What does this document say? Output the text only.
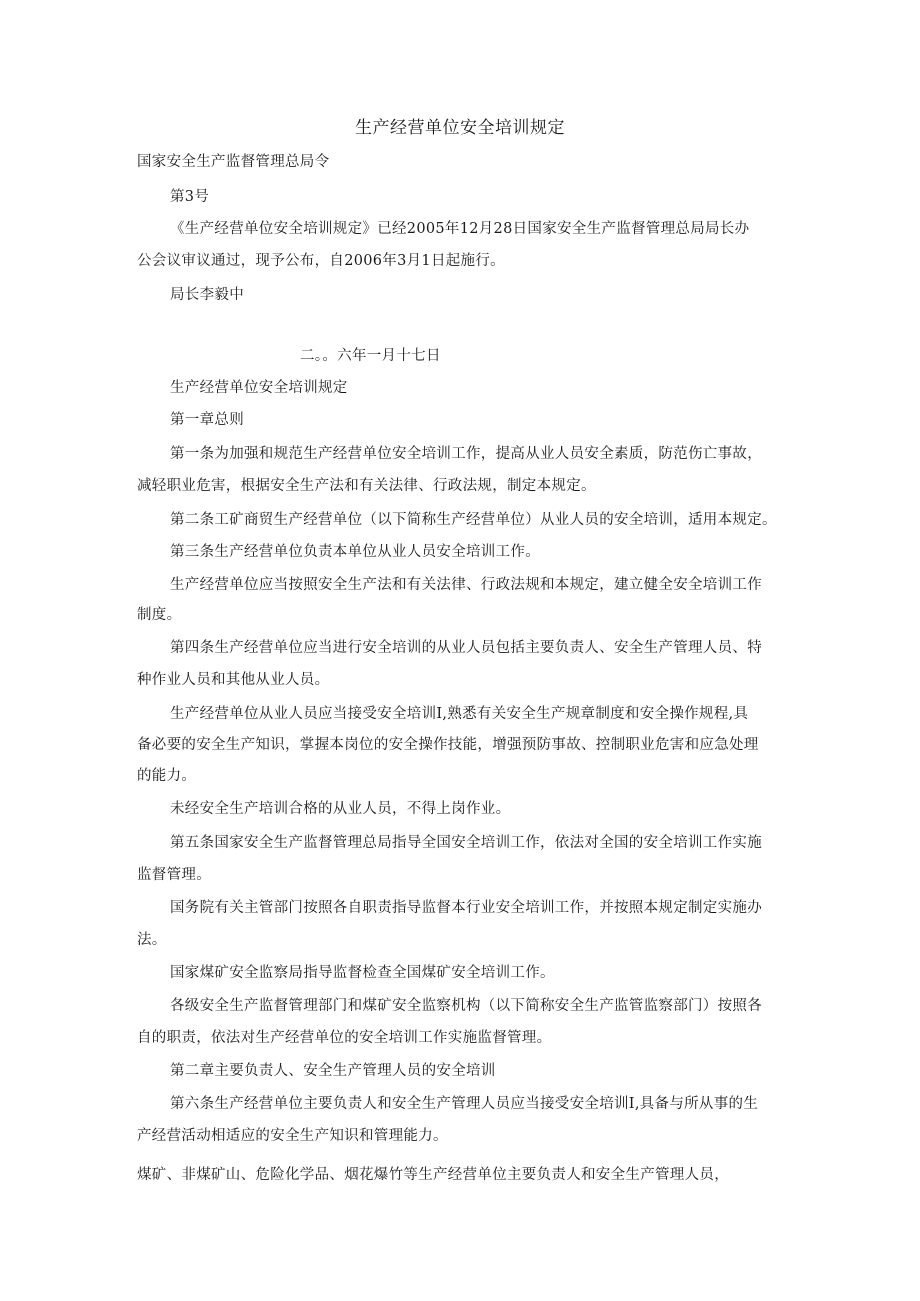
生产经营单位安全培训规定
国家安全生产监督管理总局令
第3号
《生产经营单位安全培训规定》已经2005年12月28日国家安全生产监督管理总局局长办
公会议审议通过，现予公布，自2006年3月1日起施行。
局长李毅中
二。。六年一月十七日
生产经营单位安全培训规定
第一章总则
第一条为加强和规范生产经营单位安全培训工作，提高从业人员安全素质，防范伤亡事故，
减轻职业危害，根据安全生产法和有关法律、行政法规，制定本规定。
第二条工矿商贸生产经营单位（以下简称生产经营单位）从业人员的安全培训，适用本规定。
第三条生产经营单位负责本单位从业人员安全培训工作。
生产经营单位应当按照安全生产法和有关法律、行政法规和本规定，建立健全安全培训工作
制度。
第四条生产经营单位应当进行安全培训的从业人员包括主要负责人、安全生产管理人员、特
种作业人员和其他从业人员。
生产经营单位从业人员应当接受安全培训I,熟悉有关安全生产规章制度和安全操作规程,具
备必要的安全生产知识，掌握本岗位的安全操作技能，增强预防事故、控制职业危害和应急处理
的能力。
未经安全生产培训合格的从业人员，不得上岗作业。
第五条国家安全生产监督管理总局指导全国安全培训工作，依法对全国的安全培训工作实施
监督管理。
国务院有关主管部门按照各自职责指导监督本行业安全培训工作，并按照本规定制定实施办
法。
国家煤矿安全监察局指导监督检查全国煤矿安全培训工作。
各级安全生产监督管理部门和煤矿安全监察机构（以下简称安全生产监管监察部门）按照各
自的职责，依法对生产经营单位的安全培训工作实施监督管理。
第二章主要负责人、安全生产管理人员的安全培训
第六条生产经营单位主要负责人和安全生产管理人员应当接受安全培训I,具备与所从事的生
产经营活动相适应的安全生产知识和管理能力。
煤矿、非煤矿山、危险化学品、烟花爆竹等生产经营单位主要负责人和安全生产管理人员，
